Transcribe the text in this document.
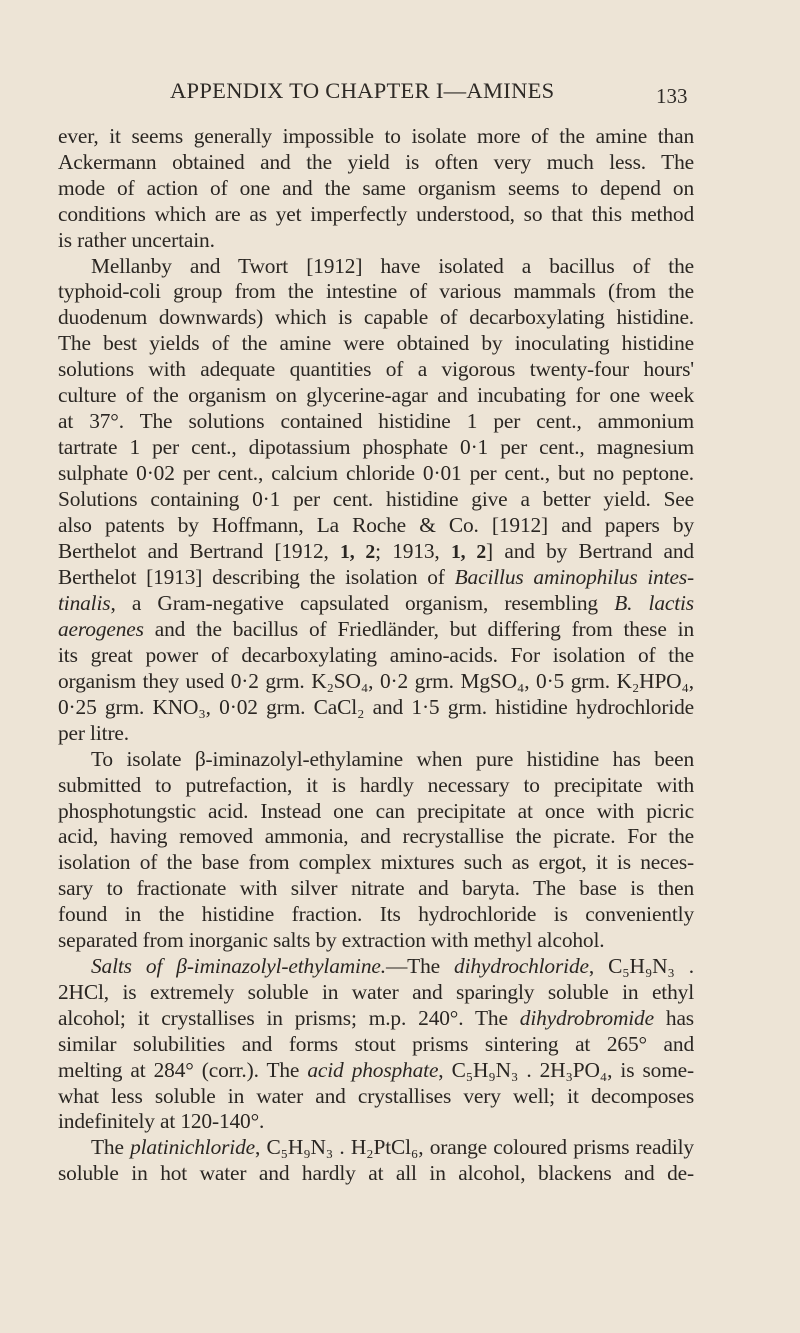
APPENDIX TO CHAPTER I—AMINES	133

ever, it seems generally impossible to isolate more of the amine than
Ackermann obtained and the yield is often very much less. The
mode of action of one and the same organism seems to depend on
conditions which are as yet imperfectly understood, so that this method
is rather uncertain.

Mellanby and Twort [1912] have isolated a bacillus of the
typhoid-coli group from the intestine of various mammals (from the
duodenum downwards) which is capable of decarboxylating histidine.
The best yields of the amine were obtained by inoculating histidine
solutions with adequate quantities of a vigorous twenty-four hours'
culture of the organism on glycerine-agar and incubating for one week
at 37°. The solutions contained histidine 1 per cent., ammonium
tartrate 1 per cent., dipotassium phosphate 0·1 per cent., magnesium
sulphate 0·02 per cent., calcium chloride 0·01 per cent., but no peptone.
Solutions containing 0·1 per cent. histidine give a better yield. See
also patents by Hoffmann, La Roche & Co. [1912] and papers by
Berthelot and Bertrand [1912, 1, 2; 1913, 1, 2] and by Bertrand and
Berthelot [1913] describing the isolation of Bacillus aminophilus intes-
tinalis, a Gram-negative capsulated organism, resembling B. lactis
aerogenes and the bacillus of Friedländer, but differing from these in
its great power of decarboxylating amino-acids. For isolation of the
organism they used 0·2 grm. K₂SO₄, 0·2 grm. MgSO₄, 0·5 grm. K₂HPO₄,
0·25 grm. KNO₃, 0·02 grm. CaCl₂ and 1·5 grm. histidine hydrochloride
per litre.

To isolate β-iminazolyl-ethylamine when pure histidine has been
submitted to putrefaction, it is hardly necessary to precipitate with
phosphotungstic acid. Instead one can precipitate at once with picric
acid, having removed ammonia, and recrystallise the picrate. For the
isolation of the base from complex mixtures such as ergot, it is neces-
sary to fractionate with silver nitrate and baryta. The base is then
found in the histidine fraction. Its hydrochloride is conveniently
separated from inorganic salts by extraction with methyl alcohol.

Salts of β-iminazolyl-ethylamine.—The dihydrochloride, C₅H₉N₃ .
2HCl, is extremely soluble in water and sparingly soluble in ethyl
alcohol; it crystallises in prisms; m.p. 240°. The dihydrobromide has
similar solubilities and forms stout prisms sintering at 265° and
melting at 284° (corr.). The acid phosphate, C₅H₉N₃ . 2H₃PO₄, is some-
what less soluble in water and crystallises very well; it decomposes
indefinitely at 120-140°.

The platinichloride, C₅H₉N₃ . H₂PtCl₆, orange coloured prisms readily
soluble in hot water and hardly at all in alcohol, blackens and de-
